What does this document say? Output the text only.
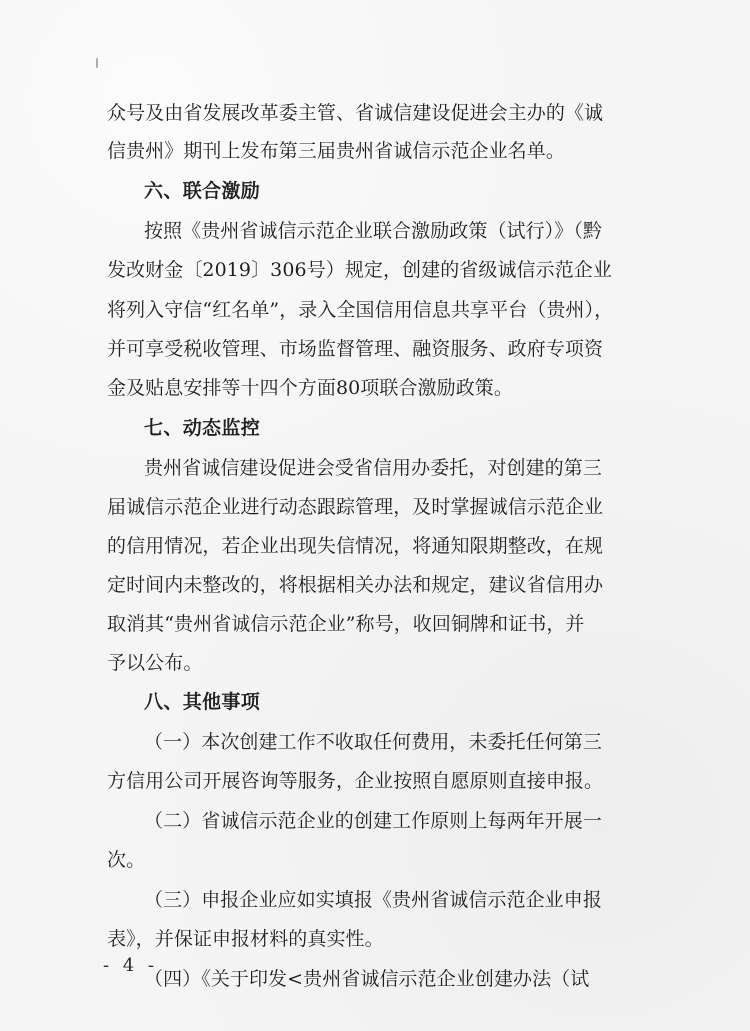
众号及由省发展改革委主管、省诚信建设促进会主办的《诚
信贵州》期刊上发布第三届贵州省诚信示范企业名单。
六、联合激励
按照《贵州省诚信示范企业联合激励政策（试行）》（黔
发改财金〔2019〕306号）规定，创建的省级诚信示范企业
将列入守信“红名单”，录入全国信用信息共享平台（贵州），
并可享受税收管理、市场监督管理、融资服务、政府专项资
金及贴息安排等十四个方面80项联合激励政策。
七、动态监控
贵州省诚信建设促进会受省信用办委托，对创建的第三
届诚信示范企业进行动态跟踪管理，及时掌握诚信示范企业
的信用情况，若企业出现失信情况，将通知限期整改，在规
定时间内未整改的，将根据相关办法和规定，建议省信用办
取消其“贵州省诚信示范企业”称号，收回铜牌和证书，并
予以公布。
八、其他事项
（一）本次创建工作不收取任何费用，未委托任何第三
方信用公司开展咨询等服务，企业按照自愿原则直接申报。
（二）省诚信示范企业的创建工作原则上每两年开展一
次。
（三）申报企业应如实填报《贵州省诚信示范企业申报
表》，并保证申报材料的真实性。
（四）《关于印发<贵州省诚信示范企业创建办法（试
- 4 -
